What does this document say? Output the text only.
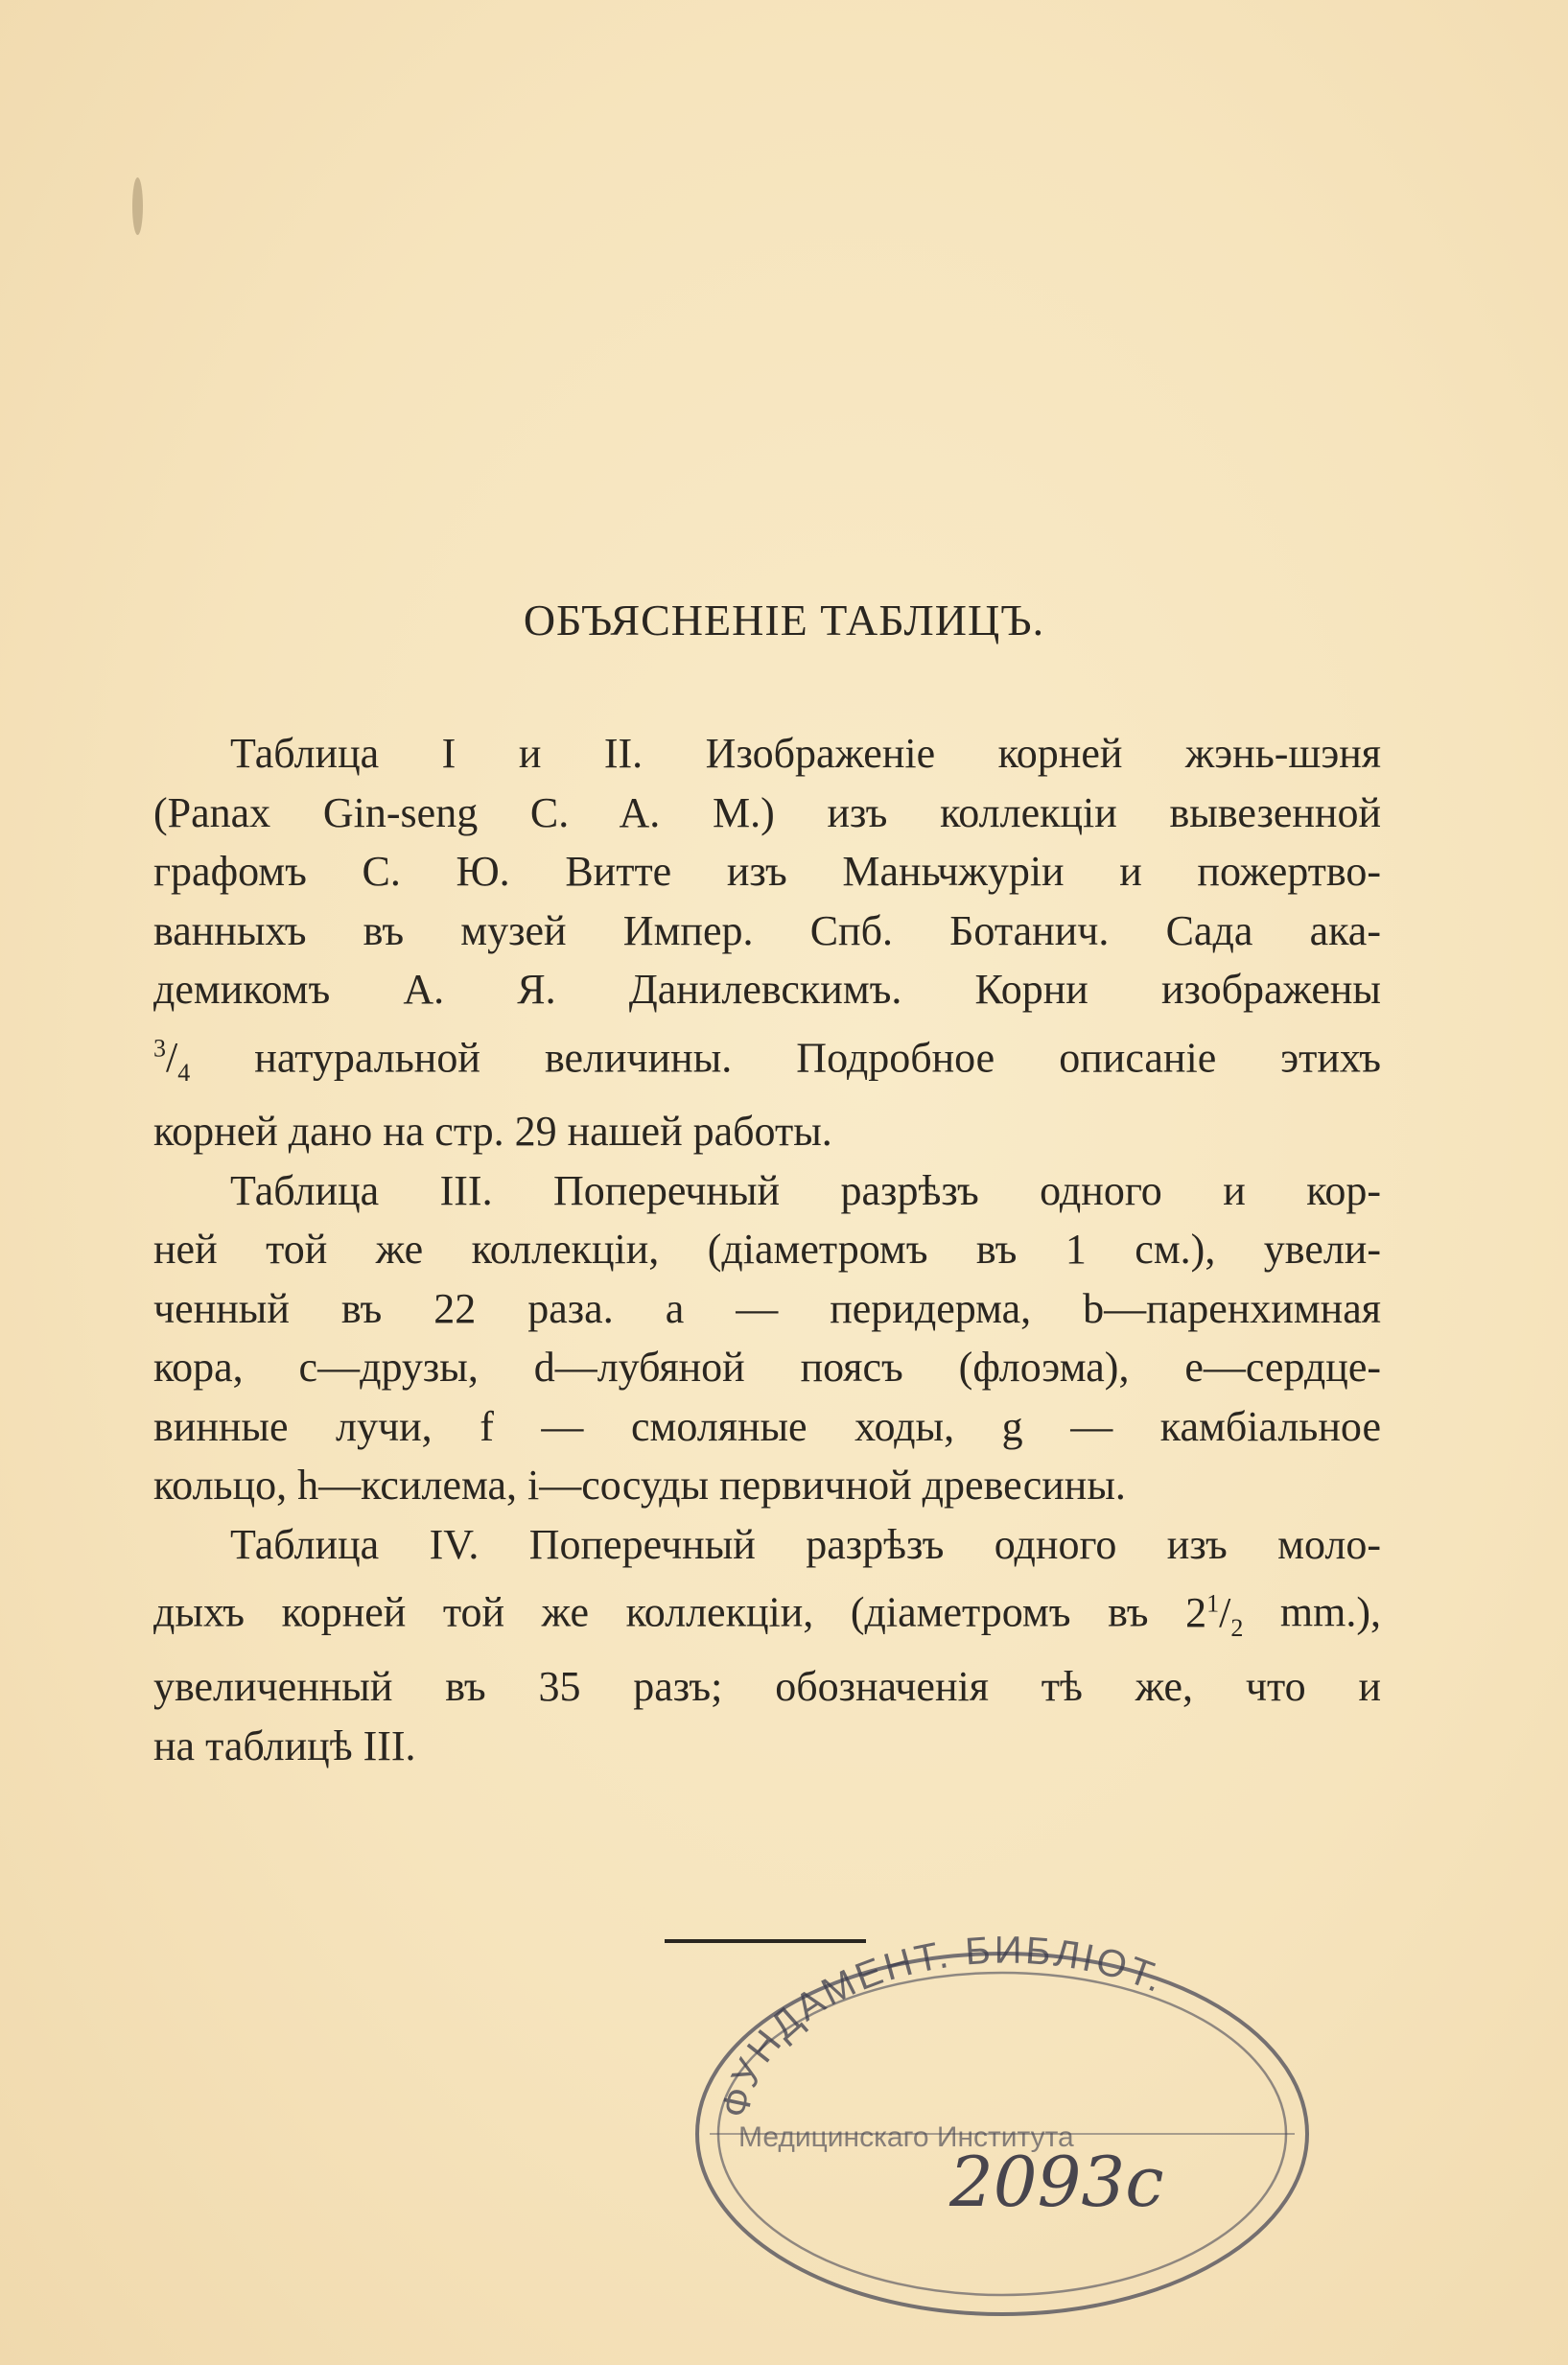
ОБЪЯСНЕНІЕ ТАБЛИЦЪ.
Таблица I и II. Изображеніе корней жэнь-шэня
(Panax Gin-seng C. A. M.) изъ коллекціи вывезенной
графомъ С. Ю. Витте изъ Маньчжуріи и пожертво-
ванныхъ въ музей Импер. Спб. Ботанич. Сада ака-
демикомъ А. Я. Данилевскимъ. Корни изображены
$^3/_4$ натуральной величины. Подробное описаніе этихъ
корней дано на стр. 29 нашей работы.
Таблица III. Поперечный разрѣзъ одного и кор-
ней той же коллекціи, (діаметромъ въ 1 см.), увели-
ченный въ 22 раза. a — перидерма, b—паренхимная
кора, c—друзы, d—лубяной поясъ (флоэма), e—сердце-
винные лучи, f — смоляные ходы, g — камбіальное
кольцо, h—ксилема, i—сосуды первичной древесины.
Таблица IV. Поперечный разрѣзъ одного изъ моло-
дыхъ корней той же коллекціи, (діаметромъ въ $2^1/_2$ mm.),
увеличенный въ 35 разъ; обозначенія тѣ же, что и
на таблицѣ III.
ФУНДАМЕНТ. БИБЛІОТ.
Медицинскаго Института
2093с
